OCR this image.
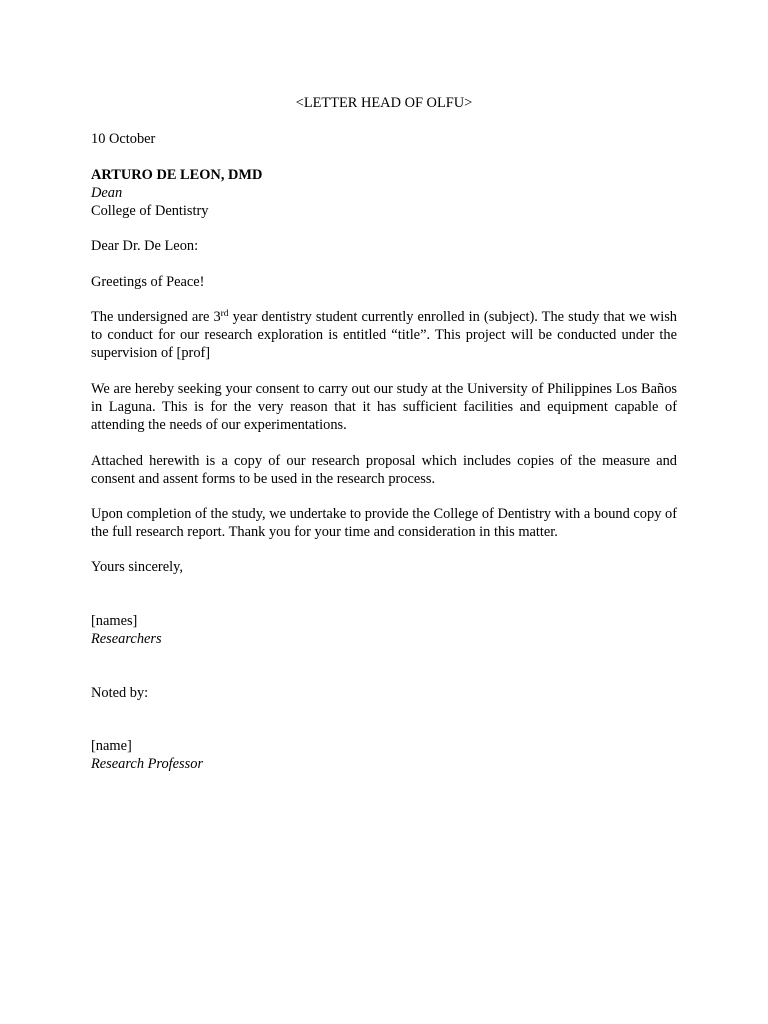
<LETTER HEAD OF OLFU>
10 October
ARTURO DE LEON, DMD
Dean
College of Dentistry
Dear Dr. De Leon:
Greetings of Peace!

The undersigned are 3rd year dentistry student currently enrolled in (subject). The study that we wish to conduct for our research exploration is entitled “title”. This project will be conducted under the supervision of [prof]

We are hereby seeking your consent to carry out our study at the University of Philippines Los Baños in Laguna. This is for the very reason that it has sufficient facilities and equipment capable of attending the needs of our experimentations.

Attached herewith is a copy of our research proposal which includes copies of the measure and consent and assent forms to be used in the research process.

Upon completion of the study, we undertake to provide the College of Dentistry with a bound copy of the full research report. Thank you for your time and consideration in this matter.

Yours sincerely,
[names]
Researchers
Noted by:
[name]
Research Professor
